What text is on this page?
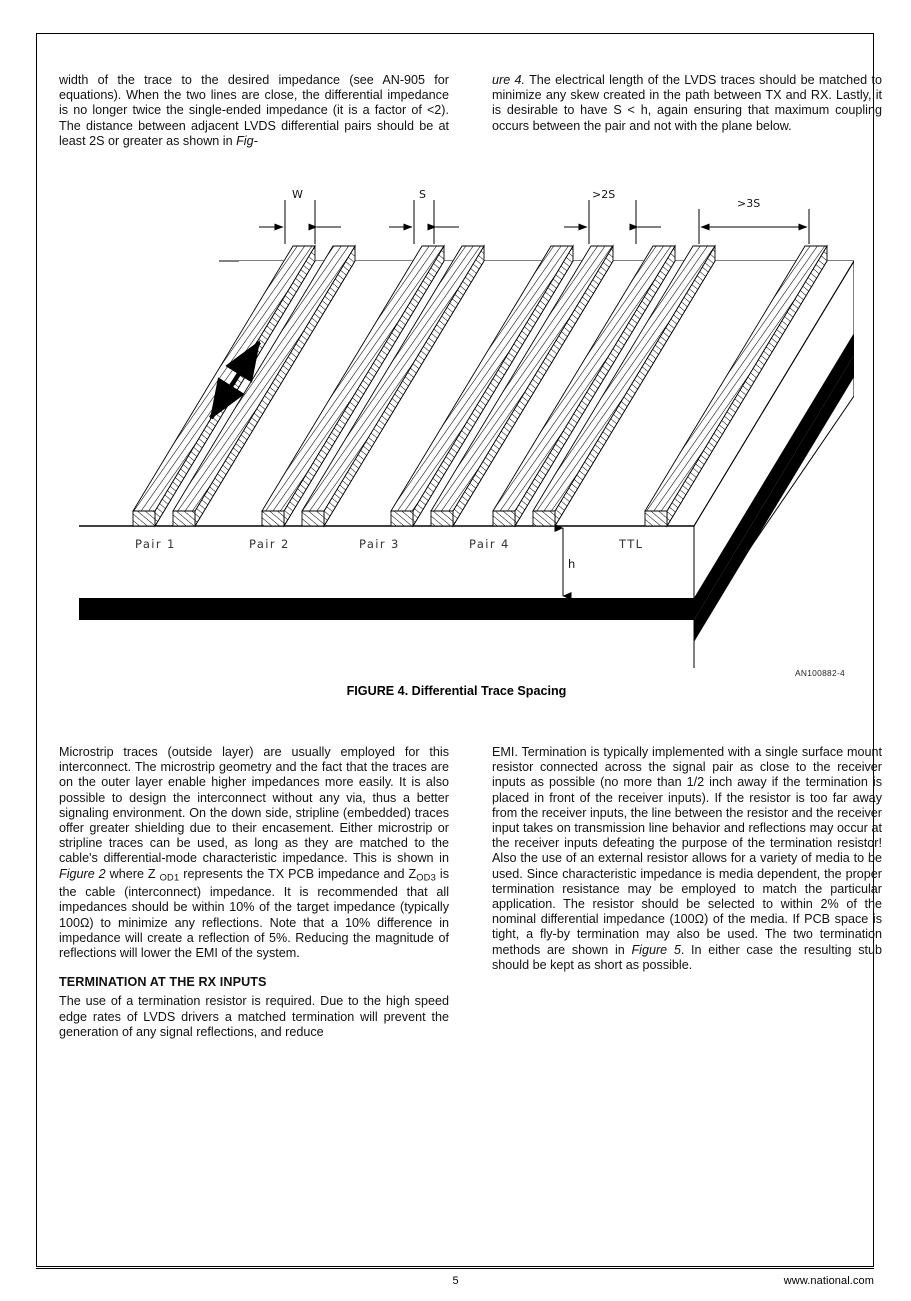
width of the trace to the desired impedance (see AN-905 for equations). When the two lines are close, the differential impedance is no longer twice the single-ended impedance (it is a factor of <2). The distance between adjacent LVDS differential pairs should be at least 2S or greater as shown in Fig-

ure 4. The electrical length of the LVDS traces should be matched to minimize any skew created in the path between TX and RX. Lastly, it is desirable to have S < h, again ensuring that maximum coupling occurs between the pair and not with the plane below.

W	S	>2S
>3S
Pair 1	Pair 2	Pair 3	Pair 4	TTL
h
AN100882-4
FIGURE 4. Differential Trace Spacing

Microstrip traces (outside layer) are usually employed for this interconnect. The microstrip geometry and the fact that the traces are on the outer layer enable higher impedances more easily. It is also possible to design the interconnect without any via, thus a better signaling environment. On the down side, stripline (embedded) traces offer greater shielding due to their encasement. Either microstrip or stripline traces can be used, as long as they are matched to the cable's differential-mode characteristic impedance. This is shown in Figure 2 where Z $_{OD1}$ represents the TX PCB impedance and $Z_{OD3}$ is the cable (interconnect) impedance. It is recommended that all impedances should be within 10% of the target impedance (typically 100Ω) to minimize any reflections. Note that a 10% difference in impedance will create a reflection of 5%. Reducing the magnitude of reflections will lower the EMI of the system.

TERMINATION AT THE RX INPUTS

The use of a termination resistor is required. Due to the high speed edge rates of LVDS drivers a matched termination will prevent the generation of any signal reflections, and reduce

EMI. Termination is typically implemented with a single surface mount resistor connected across the signal pair as close to the receiver inputs as possible (no more than 1/2 inch away if the termination is placed in front of the receiver inputs). If the resistor is too far away from the receiver inputs, the line between the resistor and the receiver input takes on transmission line behavior and reflections may occur at the receiver inputs defeating the purpose of the termination resistor! Also the use of an external resistor allows for a variety of media to be used. Since characteristic impedance is media dependent, the proper termination resistance may be employed to match the particular application. The resistor should be selected to within 2% of the nominal differential impedance (100Ω) of the media. If PCB space is tight, a fly-by termination may also be used. The two termination methods are shown in Figure 5. In either case the resulting stub should be kept as short as possible.

5	www.national.com
